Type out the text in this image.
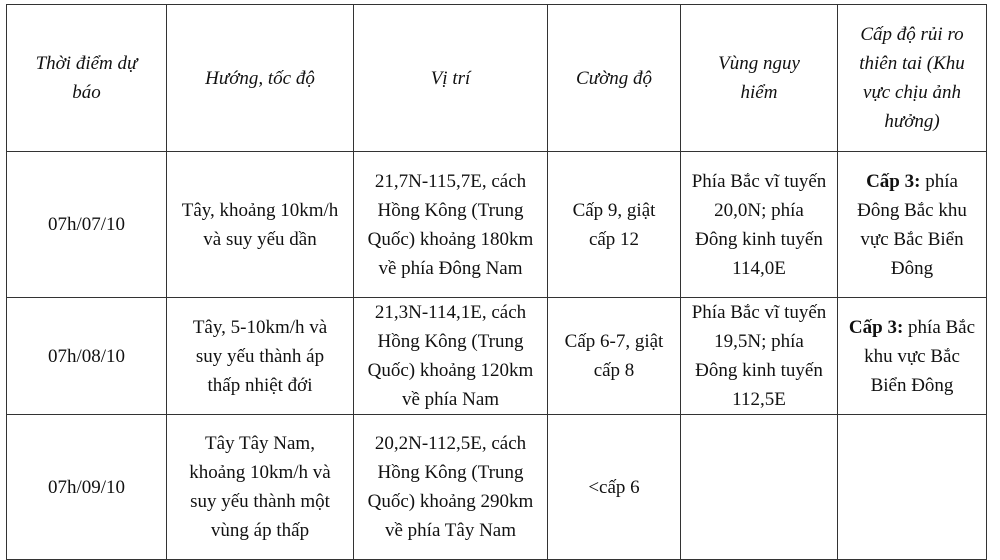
Thời điểm dự báo	Hướng, tốc độ	Vị trí	Cường độ	Vùng nguy hiểm	Cấp độ rủi ro thiên tai (Khu vực chịu ảnh hưởng)
07h/07/10	Tây, khoảng 10km/h và suy yếu dần	21,7N-115,7E, cách Hồng Kông (Trung Quốc) khoảng 180km về phía Đông Nam	Cấp 9, giật cấp 12	Phía Bắc vĩ tuyến 20,0N; phía Đông kinh tuyến 114,0E	Cấp 3: phía Đông Bắc khu vực Bắc Biển Đông
07h/08/10	Tây, 5-10km/h và suy yếu thành áp thấp nhiệt đới	21,3N-114,1E, cách Hồng Kông (Trung Quốc) khoảng 120km về phía Nam	Cấp 6-7, giật cấp 8	Phía Bắc vĩ tuyến 19,5N; phía Đông kinh tuyến 112,5E	Cấp 3: phía Bắc khu vực Bắc Biển Đông
07h/09/10	Tây Tây Nam, khoảng 10km/h và suy yếu thành một vùng áp thấp	20,2N-112,5E, cách Hồng Kông (Trung Quốc) khoảng 290km về phía Tây Nam	<cấp 6		
